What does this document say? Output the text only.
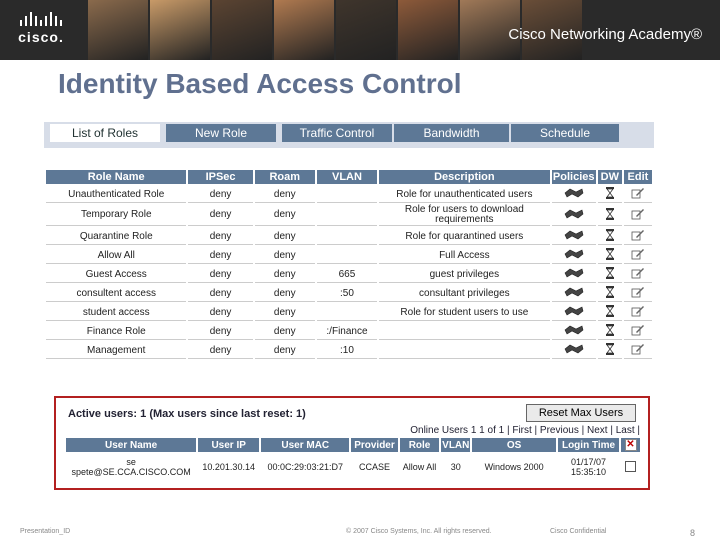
cisco.	Cisco Networking Academy®
Identity Based Access Control
List of Roles	New Role	Traffic Control	Bandwidth	Schedule
Role Name	IPSec	Roam	VLAN	Description	Policies	DW	Edit
Unauthenticated Role	deny	deny		Role for unauthenticated users			
Temporary Role	deny	deny		Role for users to download requirements			
Quarantine Role	deny	deny		Role for quarantined users			
Allow All	deny	deny		Full Access			
Guest Access	deny	deny	665	guest privileges			
consultent access	deny	deny	:50	consultant privileges			
student access	deny	deny		Role for student users to use			
Finance Role	deny	deny	:/Finance				
Management	deny	deny	:10				
Active users: 1 (Max users since last reset: 1)	Reset Max Users
Online Users 1 1 of 1 | First | Previous | Next | Last |
User Name	User IP	User MAC	Provider	Role	VLAN	OS	Login Time	✕
se
spete@SE.CCA.CISCO.COM	10.201.30.14	00:0C:29:03:21:D7	CCASE	Allow All	30	Windows 2000	01/17/07
15:35:10	
Presentation_ID	© 2007 Cisco Systems, Inc. All rights reserved.	Cisco Confidential	8
